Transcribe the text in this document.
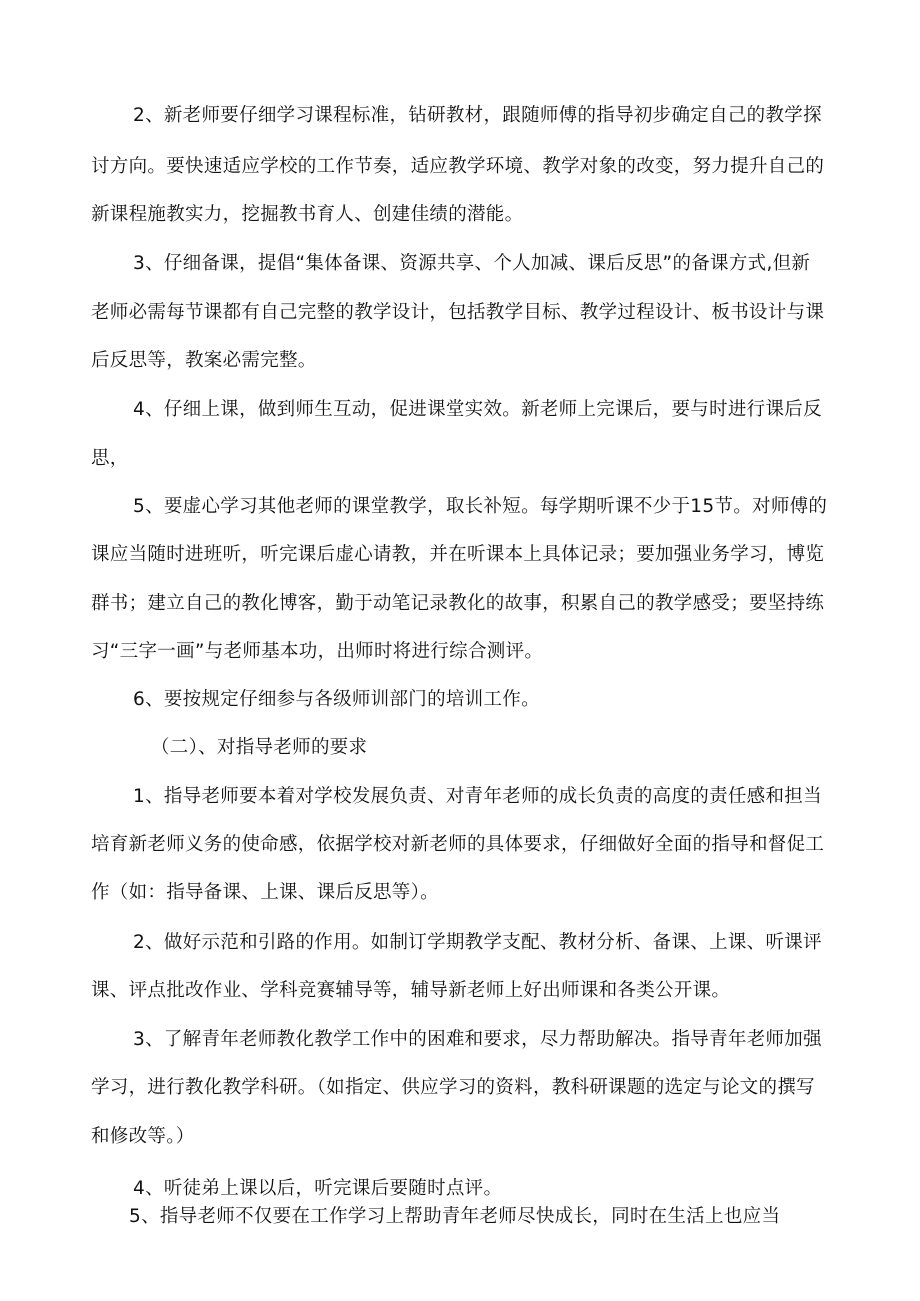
2、新老师要仔细学习课程标准，钻研教材，跟随师傅的指导初步确定自己的教学探
讨方向。要快速适应学校的工作节奏，适应教学环境、教学对象的改变，努力提升自己的
新课程施教实力，挖掘教书育人、创建佳绩的潜能。
3、仔细备课，提倡“集体备课、资源共享、个人加减、课后反思”的备课方式,但新
老师必需每节课都有自己完整的教学设计，包括教学目标、教学过程设计、板书设计与课
后反思等，教案必需完整。
4、仔细上课，做到师生互动，促进课堂实效。新老师上完课后，要与时进行课后反
思，
5、要虚心学习其他老师的课堂教学，取长补短。每学期听课不少于15节。对师傅的
课应当随时进班听，听完课后虚心请教，并在听课本上具体记录；要加强业务学习，博览
群书；建立自己的教化博客，勤于动笔记录教化的故事，积累自己的教学感受；要坚持练
习“三字一画”与老师基本功，出师时将进行综合测评。
6、要按规定仔细参与各级师训部门的培训工作。
（二）、对指导老师的要求
1、指导老师要本着对学校发展负责、对青年老师的成长负责的高度的责任感和担当
培育新老师义务的使命感，依据学校对新老师的具体要求，仔细做好全面的指导和督促工
作（如：指导备课、上课、课后反思等）。
2、做好示范和引路的作用。如制订学期教学支配、教材分析、备课、上课、听课评
课、评点批改作业、学科竞赛辅导等，辅导新老师上好出师课和各类公开课。
3、了解青年老师教化教学工作中的困难和要求，尽力帮助解决。指导青年老师加强
学习，进行教化教学科研。（如指定、供应学习的资料，教科研课题的选定与论文的撰写
和修改等。）
4、听徒弟上课以后，听完课后要随时点评。
5、指导老师不仅要在工作学习上帮助青年老师尽快成长，同时在生活上也应当
